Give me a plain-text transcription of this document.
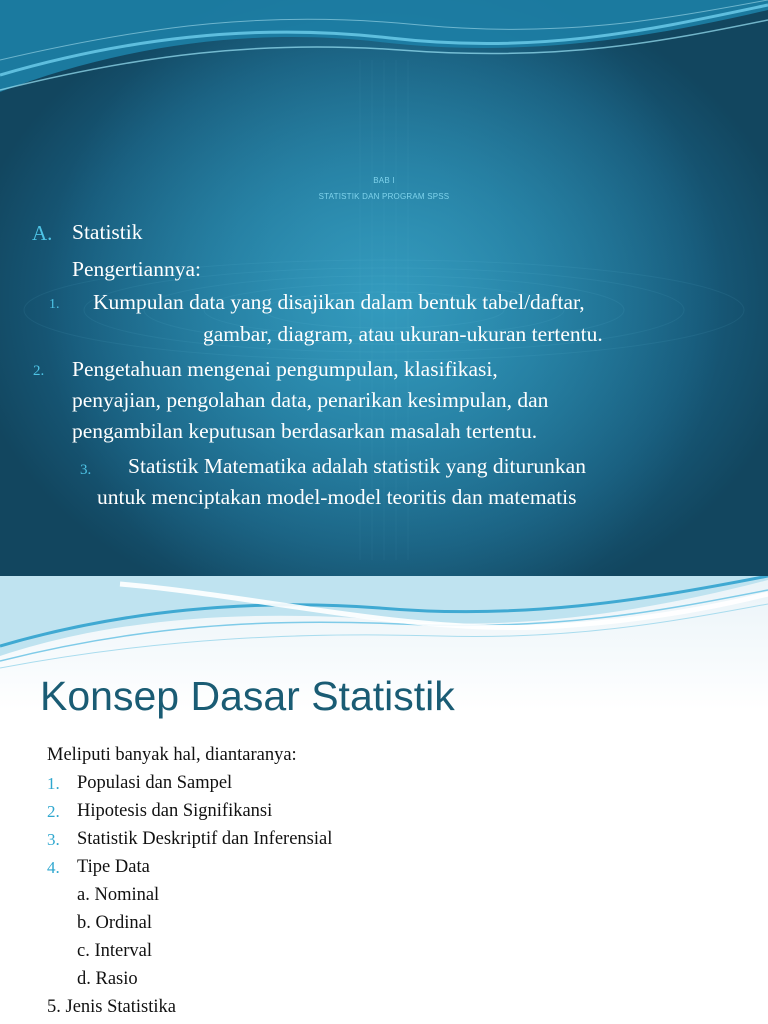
BAB I
STATISTIK DAN PROGRAM SPSS
A. Statistik
Pengertiannya:
1. Kumpulan data yang disajikan dalam bentuk tabel/daftar,
gambar, diagram, atau ukuran-ukuran tertentu.
2. Pengetahuan mengenai pengumpulan, klasifikasi,
penyajian, pengolahan data, penarikan kesimpulan, dan
pengambilan keputusan berdasarkan masalah tertentu.
3. Statistik Matematika adalah statistik yang diturunkan
untuk menciptakan model-model teoritis dan matematis
Konsep Dasar Statistik
Meliputi banyak hal, diantaranya:
1. Populasi dan Sampel
2. Hipotesis dan Signifikansi
3. Statistik Deskriptif dan Inferensial
4. Tipe Data
a. Nominal
b. Ordinal
c. Interval
d. Rasio
5. Jenis Statistika
